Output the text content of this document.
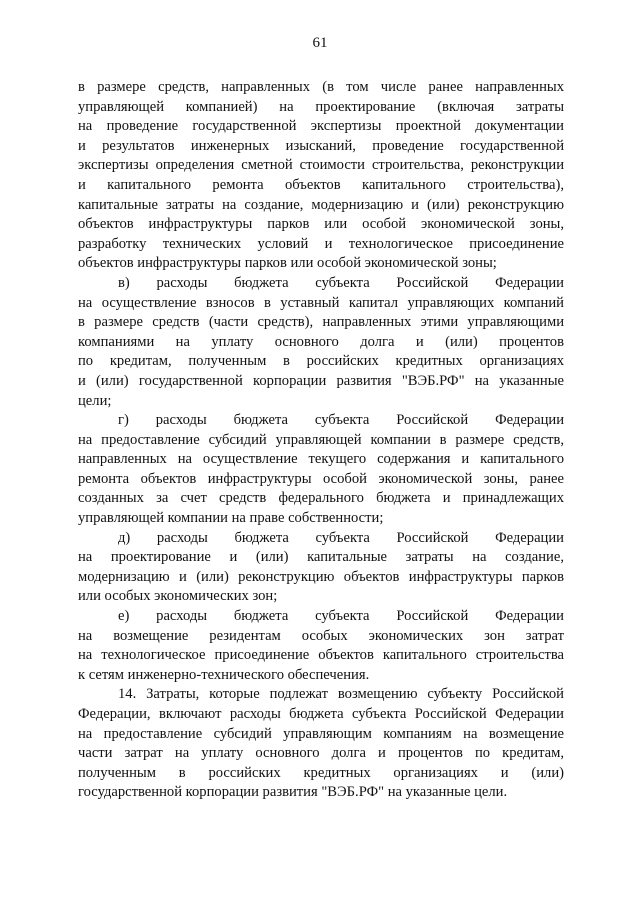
61
в размере средств, направленных (в том числе ранее направленных
управляющей компанией) на проектирование (включая затраты
на проведение государственной экспертизы проектной документации
и результатов инженерных изысканий, проведение государственной
экспертизы определения сметной стоимости строительства, реконструкции
и капитального ремонта объектов капитального строительства),
капитальные затраты на создание, модернизацию и (или) реконструкцию
объектов инфраструктуры парков или особой экономической зоны,
разработку технических условий и технологическое присоединение
объектов инфраструктуры парков или особой экономической зоны;
в) расходы бюджета субъекта Российской Федерации
на осуществление взносов в уставный капитал управляющих компаний
в размере средств (части средств), направленных этими управляющими
компаниями на уплату основного долга и (или) процентов
по кредитам, полученным в российских кредитных организациях
и (или) государственной корпорации развития "ВЭБ.РФ" на указанные
цели;
г) расходы бюджета субъекта Российской Федерации
на предоставление субсидий управляющей компании в размере средств,
направленных на осуществление текущего содержания и капитального
ремонта объектов инфраструктуры особой экономической зоны, ранее
созданных за счет средств федерального бюджета и принадлежащих
управляющей компании на праве собственности;
д) расходы бюджета субъекта Российской Федерации
на проектирование и (или) капитальные затраты на создание,
модернизацию и (или) реконструкцию объектов инфраструктуры парков
или особых экономических зон;
е) расходы бюджета субъекта Российской Федерации
на возмещение резидентам особых экономических зон затрат
на технологическое присоединение объектов капитального строительства
к сетям инженерно-технического обеспечения.
14. Затраты, которые подлежат возмещению субъекту Российской
Федерации, включают расходы бюджета субъекта Российской Федерации
на предоставление субсидий управляющим компаниям на возмещение
части затрат на уплату основного долга и процентов по кредитам,
полученным в российских кредитных организациях и (или)
государственной корпорации развития "ВЭБ.РФ" на указанные цели.
